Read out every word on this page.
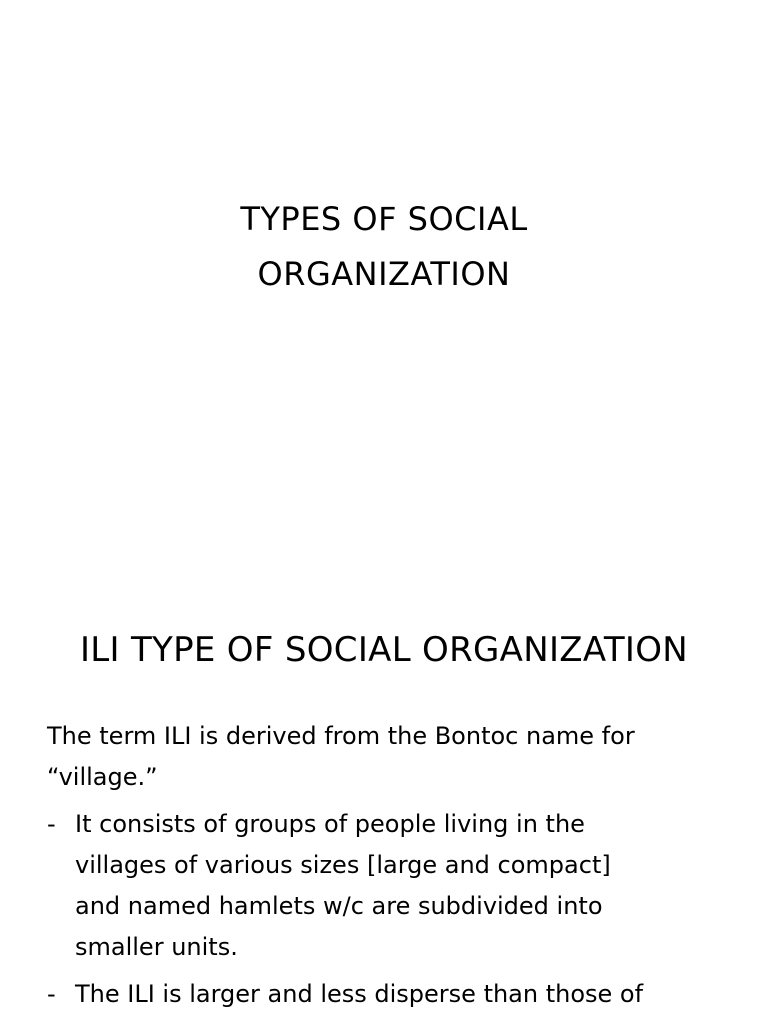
TYPES OF SOCIAL
ORGANIZATION
ILI TYPE OF SOCIAL ORGANIZATION

The term ILI is derived from the Bontoc name for
“village.”

- It consists of groups of people living in the
villages of various sizes [large and compact]
and named hamlets w/c are subdivided into
smaller units.
- The ILI is larger and less disperse than those of
